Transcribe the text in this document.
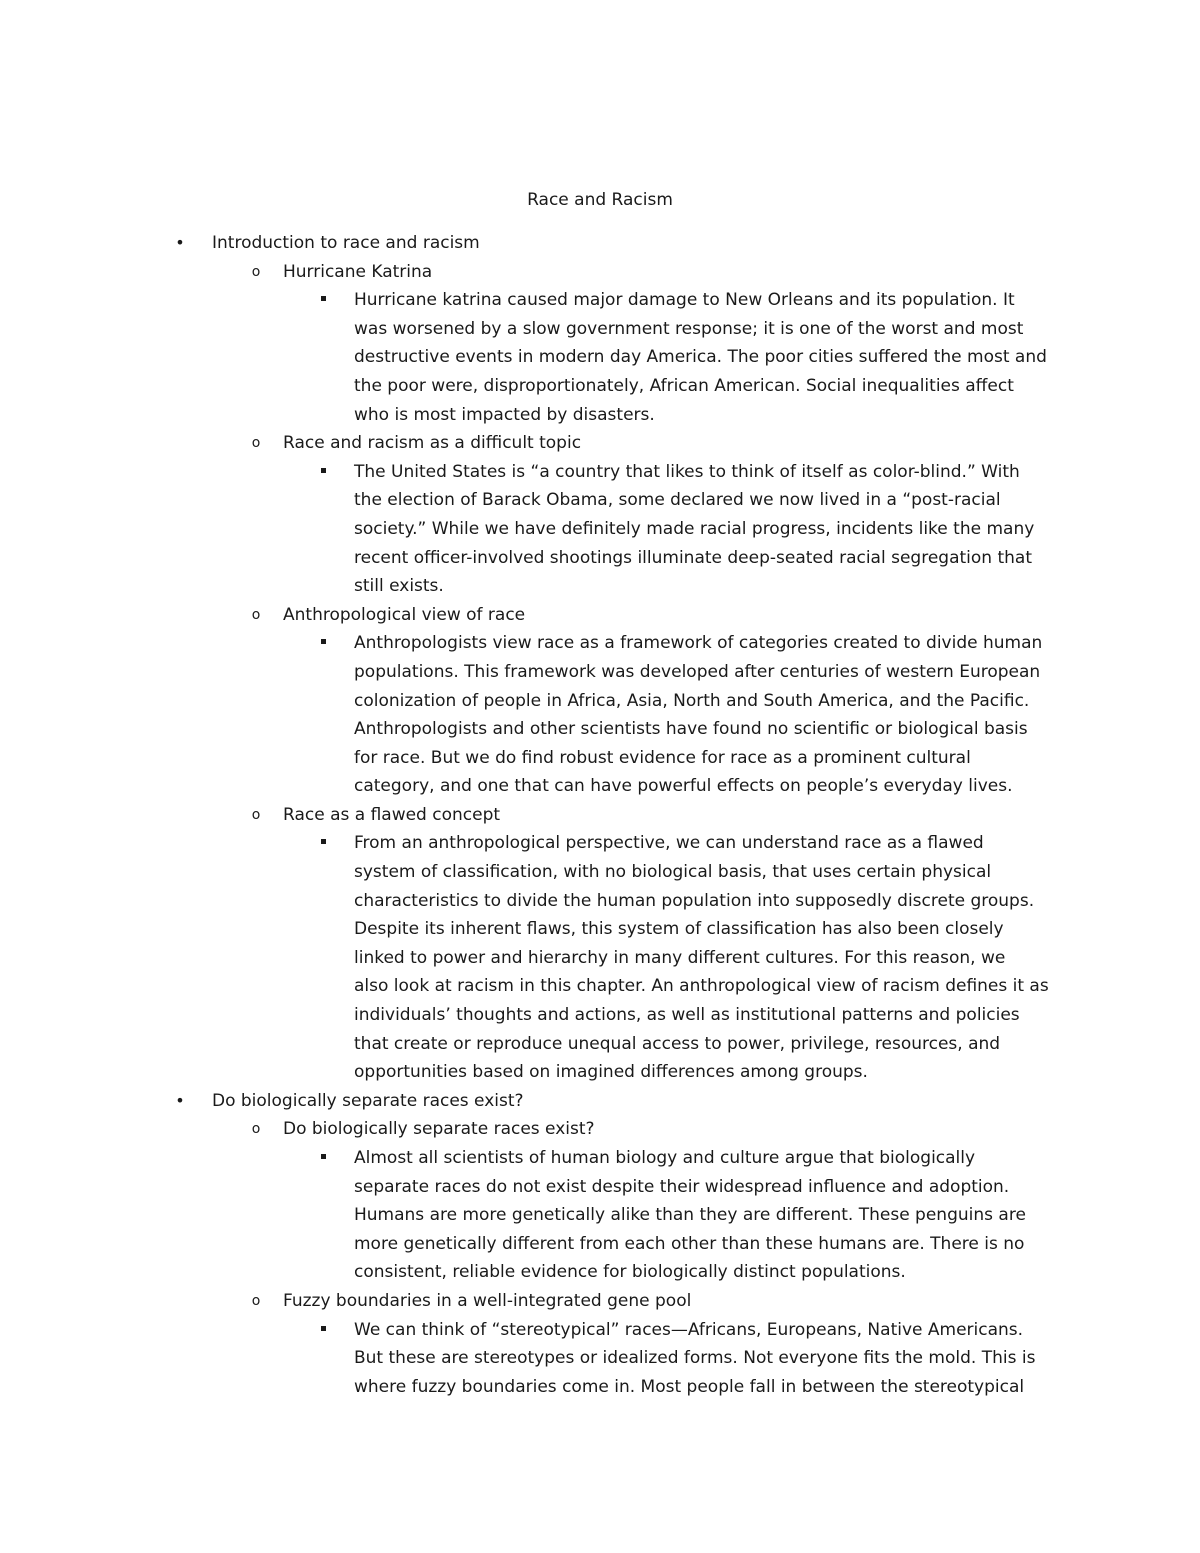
Race and Racism
• Introduction to race and racism
o Hurricane Katrina
Hurricane katrina caused major damage to New Orleans and its population. It
was worsened by a slow government response; it is one of the worst and most
destructive events in modern day America. The poor cities suffered the most and
the poor were, disproportionately, African American. Social inequalities affect
who is most impacted by disasters.
o Race and racism as a difficult topic
The United States is “a country that likes to think of itself as color-blind.” With
the election of Barack Obama, some declared we now lived in a “post-racial
society.” While we have definitely made racial progress, incidents like the many
recent officer-involved shootings illuminate deep-seated racial segregation that
still exists.
o Anthropological view of race
Anthropologists view race as a framework of categories created to divide human
populations. This framework was developed after centuries of western European
colonization of people in Africa, Asia, North and South America, and the Pacific.
Anthropologists and other scientists have found no scientific or biological basis
for race. But we do find robust evidence for race as a prominent cultural
category, and one that can have powerful effects on people’s everyday lives.
o Race as a flawed concept
From an anthropological perspective, we can understand race as a flawed
system of classification, with no biological basis, that uses certain physical
characteristics to divide the human population into supposedly discrete groups.
Despite its inherent flaws, this system of classification has also been closely
linked to power and hierarchy in many different cultures. For this reason, we
also look at racism in this chapter. An anthropological view of racism defines it as
individuals’ thoughts and actions, as well as institutional patterns and policies
that create or reproduce unequal access to power, privilege, resources, and
opportunities based on imagined differences among groups.
• Do biologically separate races exist?
o Do biologically separate races exist?
Almost all scientists of human biology and culture argue that biologically
separate races do not exist despite their widespread influence and adoption.
Humans are more genetically alike than they are different. These penguins are
more genetically different from each other than these humans are. There is no
consistent, reliable evidence for biologically distinct populations.
o Fuzzy boundaries in a well-integrated gene pool
We can think of “stereotypical” races—Africans, Europeans, Native Americans.
But these are stereotypes or idealized forms. Not everyone fits the mold. This is
where fuzzy boundaries come in. Most people fall in between the stereotypical
